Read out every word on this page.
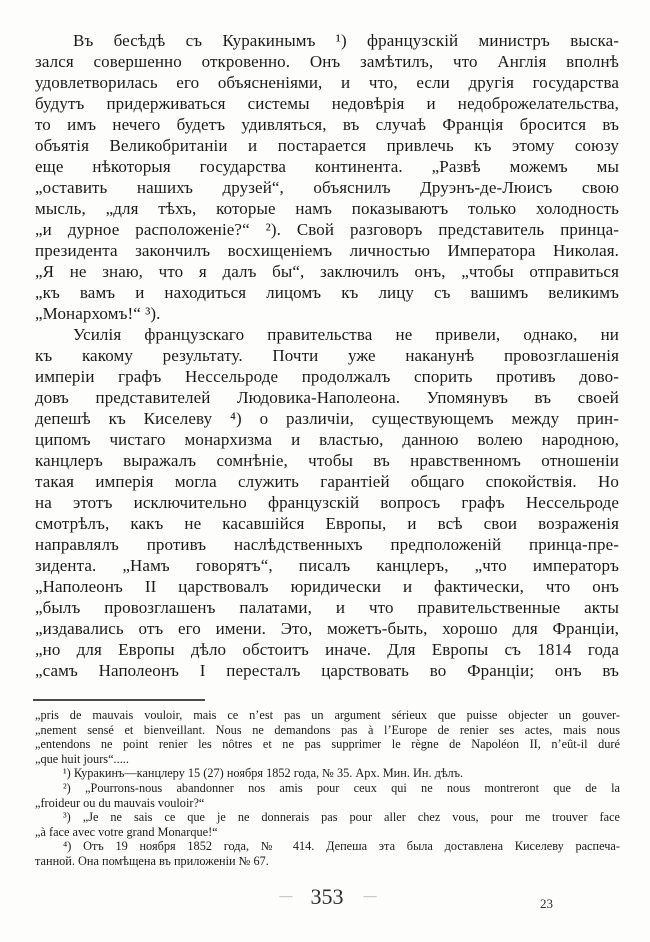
Въ бесѣдѣ съ Куракинымъ ¹) французскій министръ выска-
зался совершенно откровенно. Онъ замѣтилъ, что Англія вполнѣ
удовлетворилась его объясненіями, и что, если другія государства
будутъ придерживаться системы недовѣрія и недоброжелательства,
то имъ нечего будетъ удивляться, въ случаѣ Франція бросится въ
объятія Великобританіи и постарается привлечь къ этому союзу
еще нѣкоторыя государства континента. „Развѣ можемъ мы
„оставить нашихъ друзей“, объяснилъ Друэнъ-де-Люисъ свою
мысль, „для тѣхъ, которые намъ показываютъ только холодность
„и дурное расположеніе?“ ²). Свой разговоръ представитель принца-
президента закончилъ восхищеніемъ личностью Императора Николая.
„Я не знаю, что я далъ бы“, заключилъ онъ, „чтобы отправиться
„къ вамъ и находиться лицомъ къ лицу съ вашимъ великимъ
„Монархомъ!“ ³).
Усилія французскаго правительства не привели, однако, ни
къ какому результату. Почти уже наканунѣ провозглашенія
имперіи графъ Нессельроде продолжалъ спорить противъ дово-
довъ представителей Людовика-Наполеона. Упомянувъ въ своей
депешѣ къ Киселеву ⁴) о различіи, существующемъ между прин-
ципомъ чистаго монархизма и властью, данною волею народною,
канцлеръ выражалъ сомнѣніе, чтобы въ нравственномъ отношеніи
такая имперія могла служить гарантіей общаго спокойствія. Но
на этотъ исключительно французскій вопросъ графъ Нессельроде
смотрѣлъ, какъ не касавшійся Европы, и всѣ свои возраженія
направлялъ противъ наслѣдственныхъ предположеній принца-пре-
зидента. „Намъ говорятъ“, писалъ канцлеръ, „что императоръ
„Наполеонъ II царствовалъ юридически и фактически, что онъ
„былъ провозглашенъ палатами, и что правительственные акты
„издавались отъ его имени. Это, можетъ-быть, хорошо для Франціи,
„но для Европы дѣло обстоитъ иначе. Для Европы съ 1814 года
„самъ Наполеонъ I пересталъ царствовать во Франціи; онъ въ
„pris de mauvais vouloir, mais ce n’est pas un argument sérieux que puisse objecter un gouver-
„nement sensé et bienveillant. Nous ne demandons pas à l’Europe de renier ses actes, mais nous
„entendons ne point renier les nôtres et ne pas supprimer le règne de Napoléon II, n’eût-il duré
„que huit jours“.....
¹) Куракинъ—канцлеру 15 (27) ноября 1852 года, № 35. Арх. Мин. Ин. дѣлъ.
²) „Pourrons-nous abandonner nos amis pour ceux qui ne nous montreront que de la
„froideur ou du mauvais vouloir?“
³) „Je ne sais ce que je ne donnerais pas pour aller chez vous, pour me trouver face
„à face avec votre grand Monarque!“
⁴) Отъ 19 ноября 1852 года, № 414. Депеша эта была доставлена Киселеву распеча-
танной. Она помѣщена въ приложеніи № 67.
— 353 —
23
